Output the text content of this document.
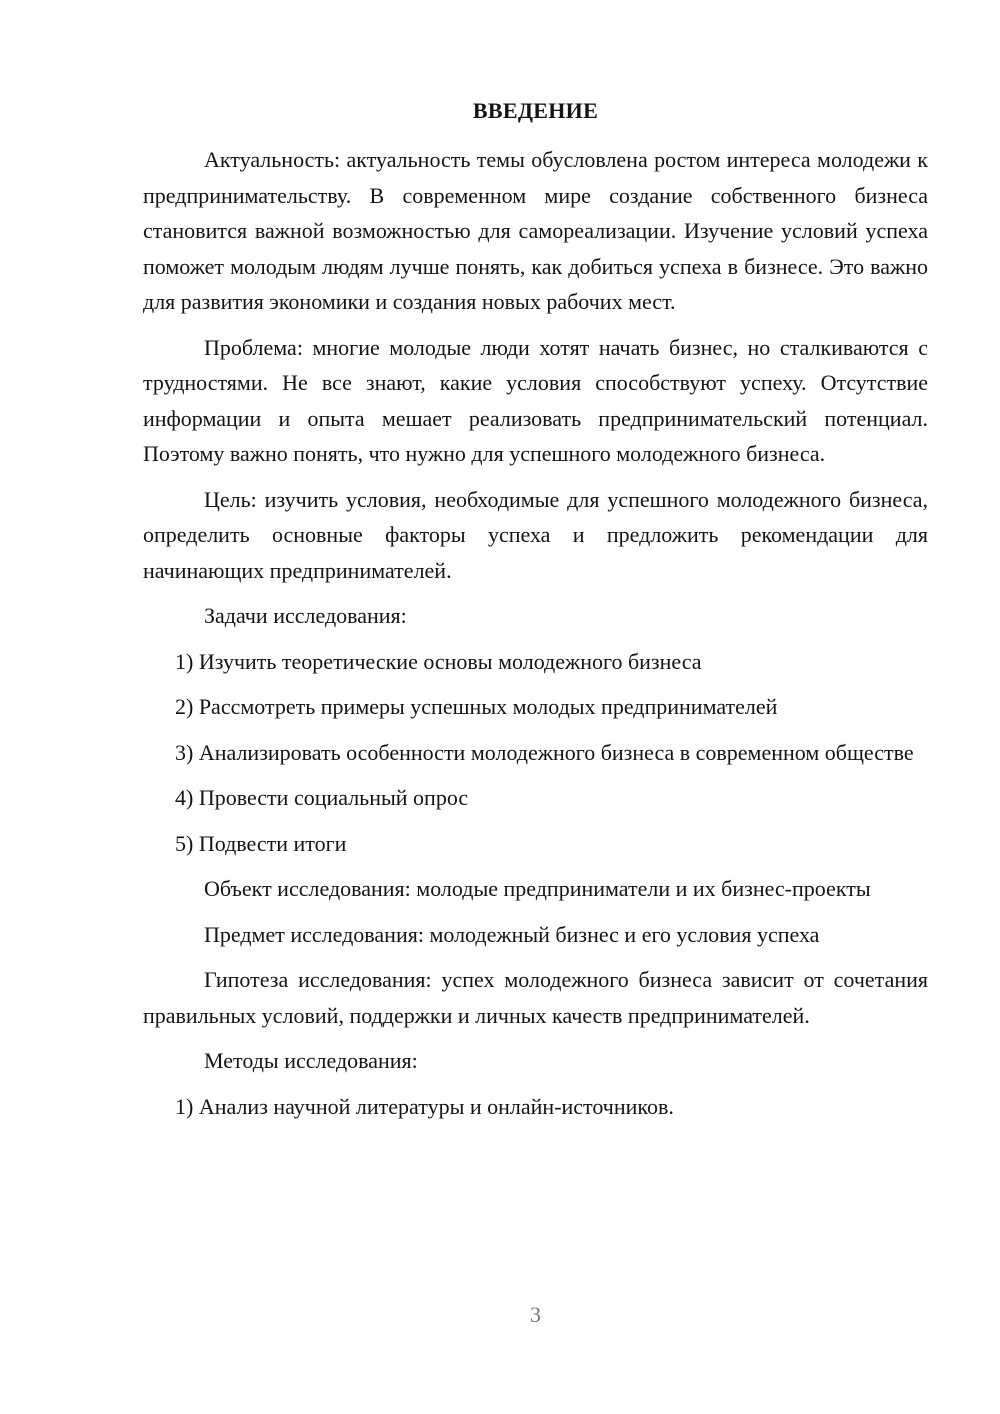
ВВЕДЕНИЕ

Актуальность: актуальность темы обусловлена ростом интереса молодежи к предпринимательству. В современном мире создание собственного бизнеса становится важной возможностью для самореализации. Изучение условий успеха поможет молодым людям лучше понять, как добиться успеха в бизнесе. Это важно для развития экономики и создания новых рабочих мест.

Проблема: многие молодые люди хотят начать бизнес, но сталкиваются с трудностями. Не все знают, какие условия способствуют успеху. Отсутствие информации и опыта мешает реализовать предпринимательский потенциал. Поэтому важно понять, что нужно для успешного молодежного бизнеса.

Цель: изучить условия, необходимые для успешного молодежного бизнеса, определить основные факторы успеха и предложить рекомендации для начинающих предпринимателей.

Задачи исследования:

1) Изучить теоретические основы молодежного бизнеса

2) Рассмотреть примеры успешных молодых предпринимателей

3) Анализировать особенности молодежного бизнеса в современном обществе

4) Провести социальный опрос

5) Подвести итоги

Объект исследования: молодые предприниматели и их бизнес-проекты

Предмет исследования: молодежный бизнес и его условия успеха

Гипотеза исследования: успех молодежного бизнеса зависит от сочетания правильных условий, поддержки и личных качеств предпринимателей.

Методы исследования:

1) Анализ научной литературы и онлайн-источников.

3
